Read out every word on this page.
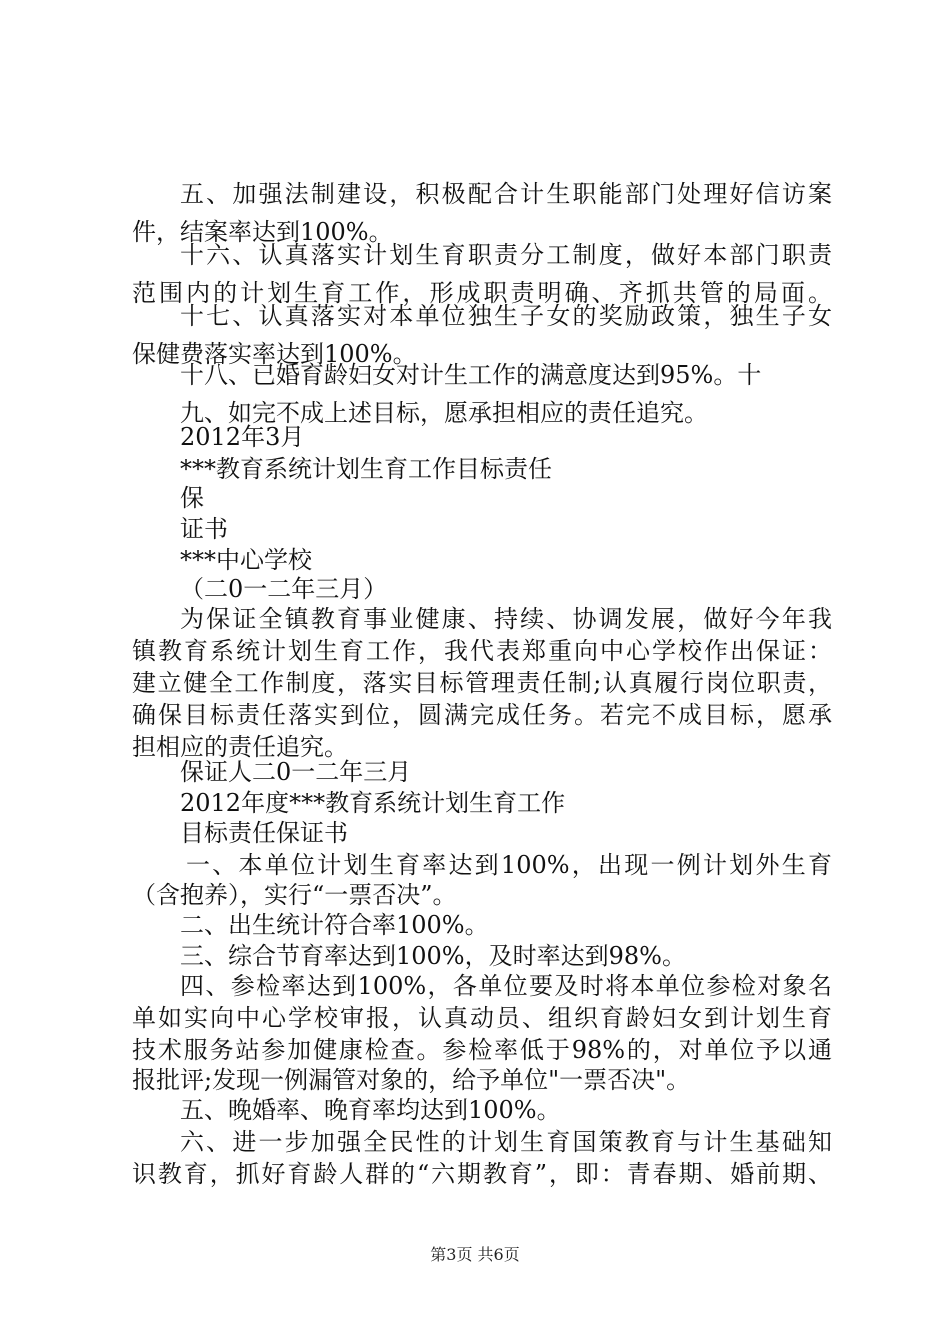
五、加强法制建设，积极配合计生职能部门处理好信访案
件，结案率达到100%。
十六、认真落实计划生育职责分工制度，做好本部门职责
范围内的计划生育工作，形成职责明确、齐抓共管的局面。
十七、认真落实对本单位独生子女的奖励政策，独生子女
保健费落实率达到100%。
十八、已婚育龄妇女对计生工作的满意度达到95%。十
九、如完不成上述目标，愿承担相应的责任追究。
2012年3月
***教育系统计划生育工作目标责任
保
证书
***中心学校
（二0一二年三月）
为保证全镇教育事业健康、持续、协调发展，做好今年我
镇教育系统计划生育工作，我代表郑重向中心学校作出保证：
建立健全工作制度，落实目标管理责任制;认真履行岗位职责，
确保目标责任落实到位，圆满完成任务。若完不成目标，愿承
担相应的责任追究。
保证人二0一二年三月
2012年度***教育系统计划生育工作
目标责任保证书
一、本单位计划生育率达到100%，出现一例计划外生育
（含抱养），实行“一票否决”。
二、出生统计符合率100%。
三、综合节育率达到100%，及时率达到98%。
四、参检率达到100%，各单位要及时将本单位参检对象名
单如实向中心学校审报，认真动员、组织育龄妇女到计划生育
技术服务站参加健康检查。参检率低于98%的，对单位予以通
报批评;发现一例漏管对象的，给予单位"一票否决"。
五、晚婚率、晚育率均达到100%。
六、进一步加强全民性的计划生育国策教育与计生基础知
识教育，抓好育龄人群的“六期教育”，即：青春期、婚前期、
第3页 共6页
